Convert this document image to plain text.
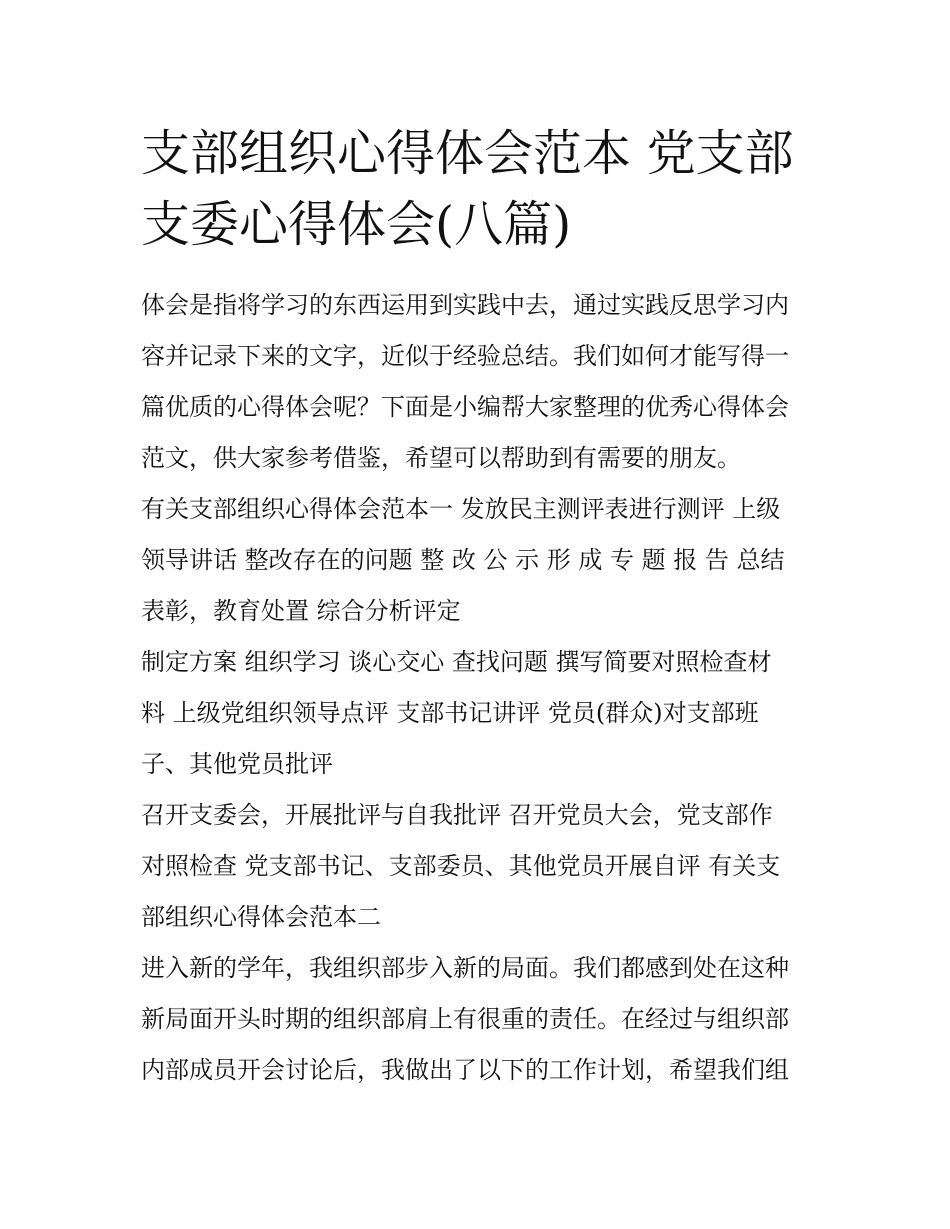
支部组织心得体会范本 党支部
支委心得体会(八篇)
体会是指将学习的东西运用到实践中去，通过实践反思学习内
容并记录下来的文字，近似于经验总结。我们如何才能写得一
篇优质的心得体会呢？下面是小编帮大家整理的优秀心得体会
范文，供大家参考借鉴，希望可以帮助到有需要的朋友。
有关支部组织心得体会范本一 发放民主测评表进行测评 上级
领导讲话 整改存在的问题 整 改 公 示 形 成 专 题 报 告 总结
表彰，教育处置 综合分析评定
制定方案 组织学习 谈心交心 查找问题 撰写简要对照检查材
料 上级党组织领导点评 支部书记讲评 党员(群众)对支部班
子、其他党员批评
召开支委会，开展批评与自我批评 召开党员大会，党支部作
对照检查 党支部书记、支部委员、其他党员开展自评 有关支
部组织心得体会范本二
进入新的学年，我组织部步入新的局面。我们都感到处在这种
新局面开头时期的组织部肩上有很重的责任。在经过与组织部
内部成员开会讨论后，我做出了以下的工作计划，希望我们组
